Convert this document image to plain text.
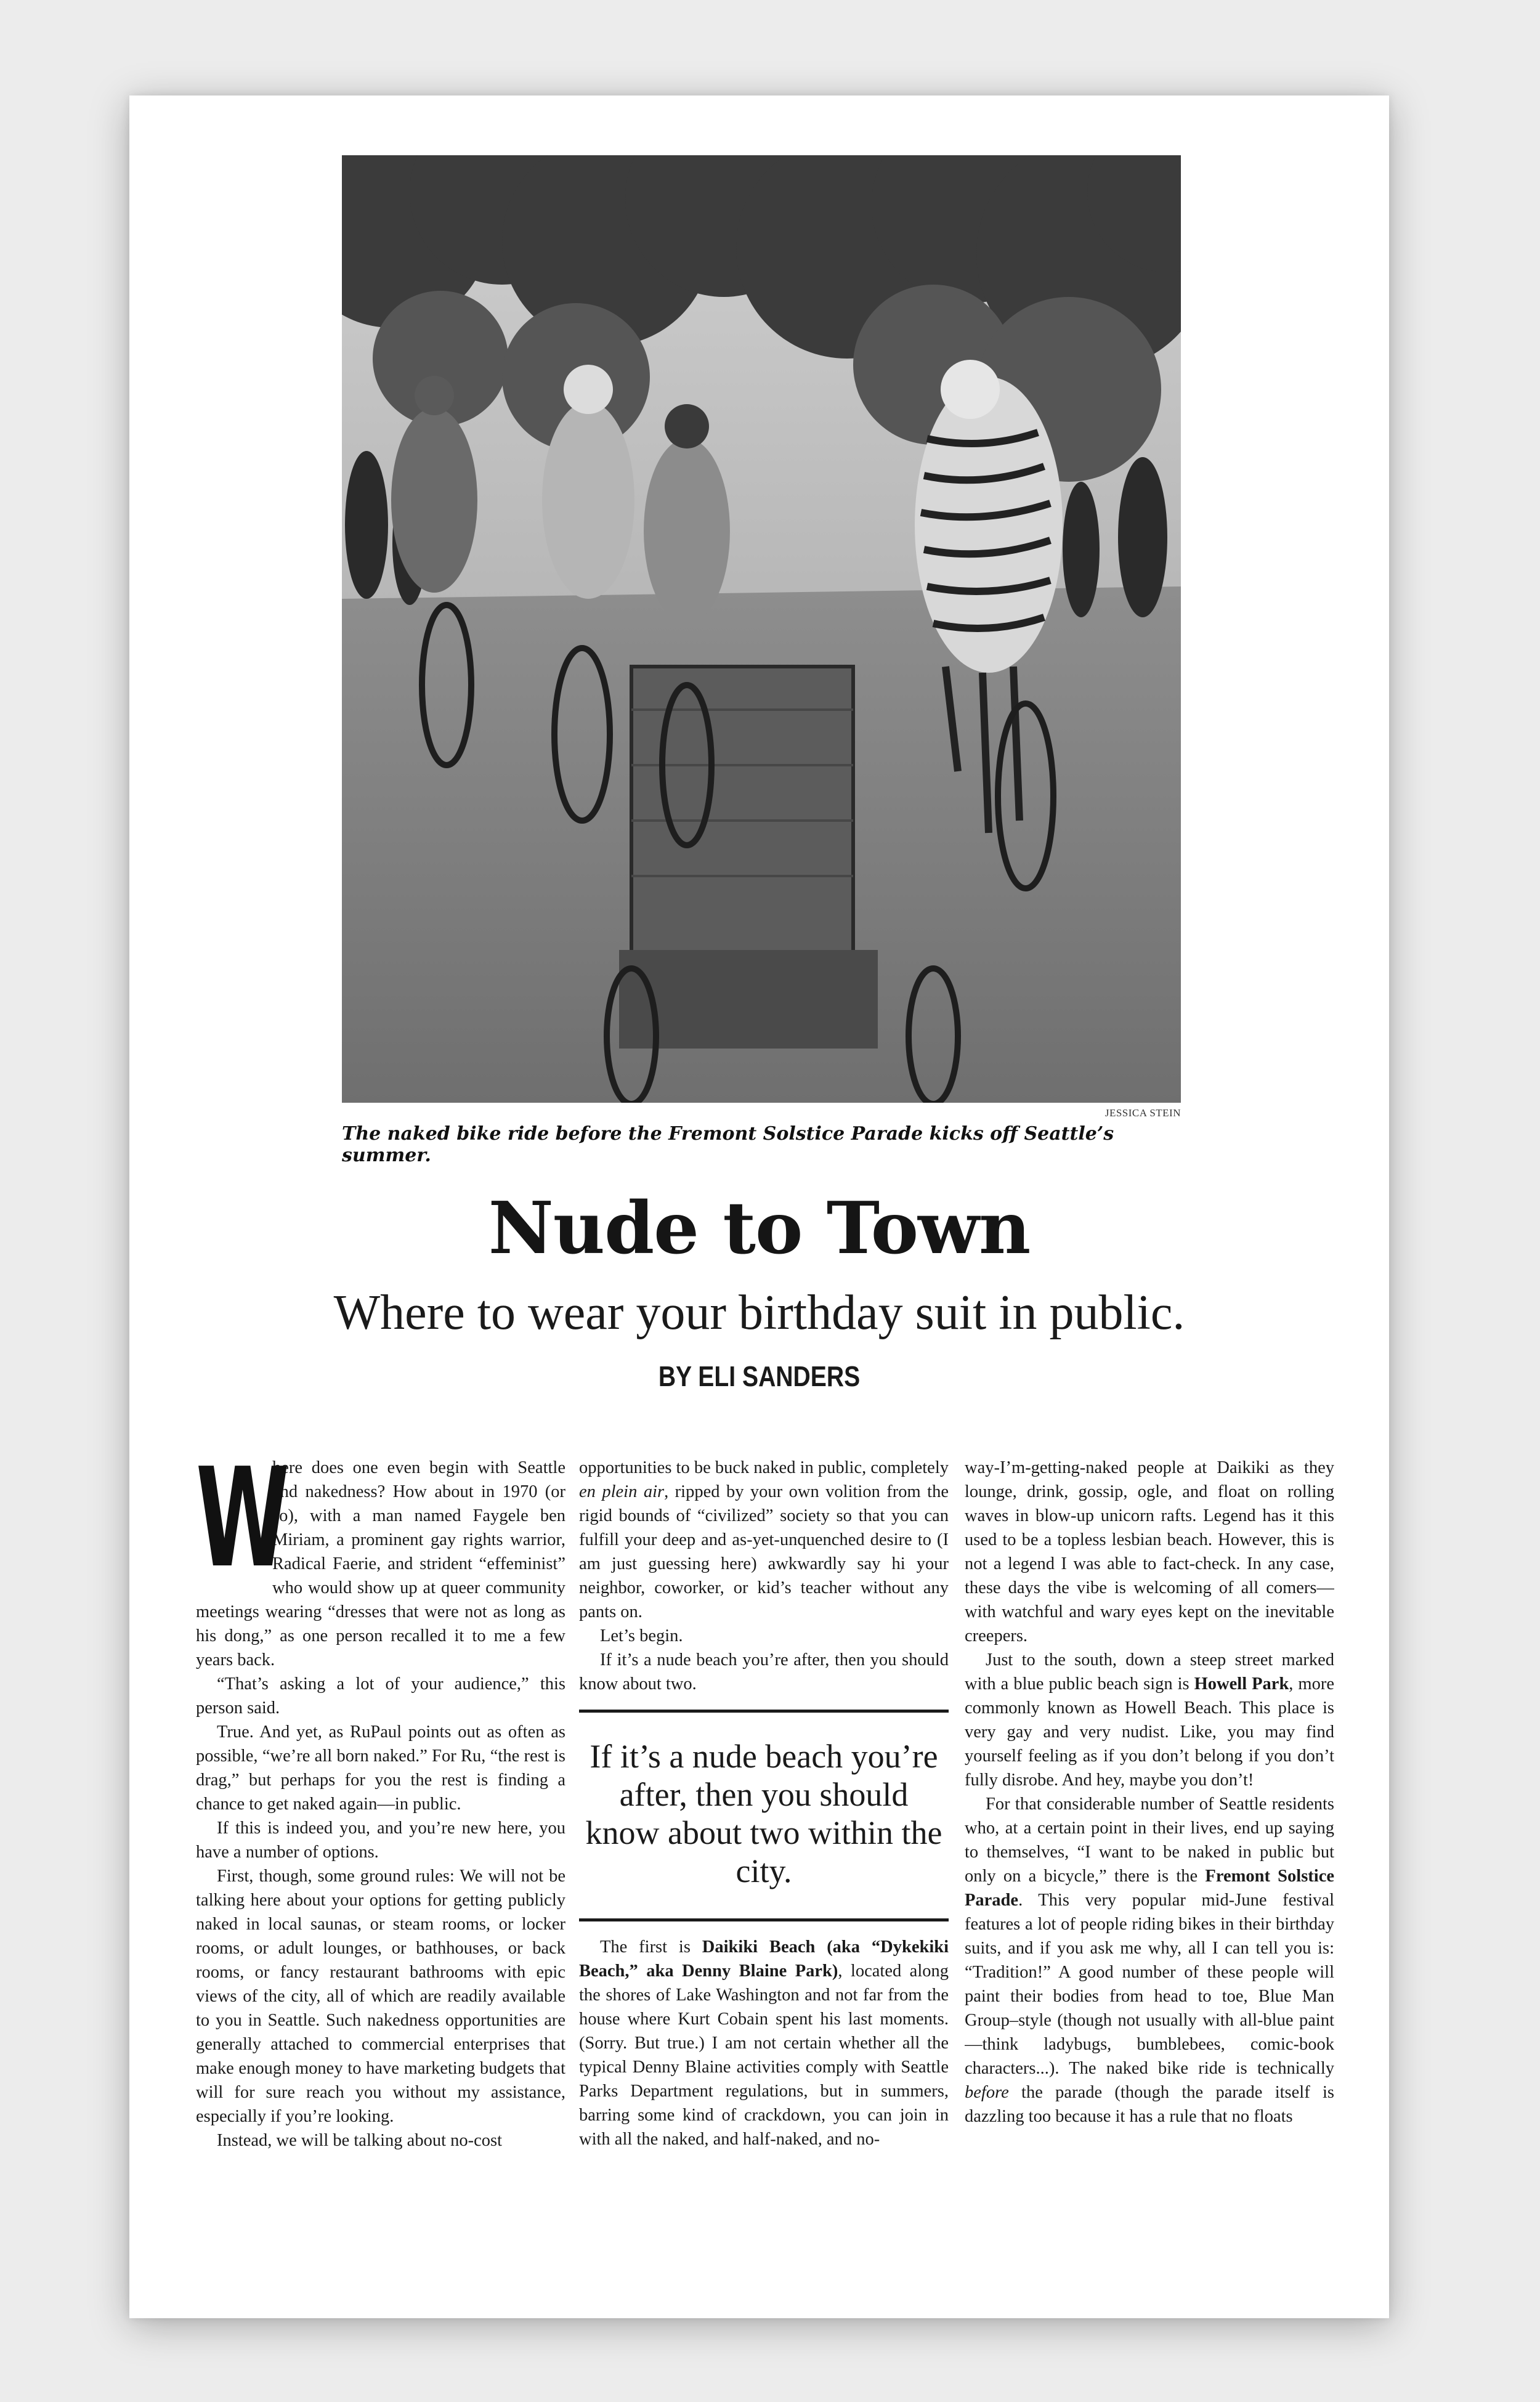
JESSICA STEIN
The naked bike ride before the Fremont Solstice Parade kicks off Seattle’s summer.
Nude to Town
Where to wear your birthday suit in public.
BY ELI SANDERS
W

here does one even begin with Seattle and nakedness? How about in 1970 (or so), with a man named Faygele ben Miriam, a prominent gay rights warrior, Radical Faerie, and strident “effeminist” who would show up at queer community meetings wearing “dresses that were not as long as his dong,” as one person recalled it to me a few years back.

“That’s asking a lot of your audience,” this person said.

True. And yet, as RuPaul points out as often as possible, “we’re all born naked.” For Ru, “the rest is drag,” but perhaps for you the rest is finding a chance to get naked again—in public.

If this is indeed you, and you’re new here, you have a number of options.

First, though, some ground rules: We will not be talking here about your options for getting publicly naked in local saunas, or steam rooms, or locker rooms, or adult lounges, or bathhouses, or back rooms, or fancy restaurant bathrooms with epic views of the city, all of which are readily available to you in Seattle. Such nakedness opportunities are generally attached to commercial enterprises that make enough money to have marketing budgets that will for sure reach you without my assistance, especially if you’re looking.

Instead, we will be talking about no-cost

opportunities to be buck naked in public, completely en plein air, ripped by your own volition from the rigid bounds of “civilized” society so that you can fulfill your deep and as-yet-unquenched desire to (I am just guessing here) awkwardly say hi your neighbor, coworker, or kid’s teacher without any pants on.

Let’s begin.

If it’s a nude beach you’re after, then you should know about two.

If it’s a nude beach you’re after, then you should know about two within the city.

The first is Daikiki Beach (aka “Dykekiki Beach,” aka Denny Blaine Park), located along the shores of Lake Washington and not far from the house where Kurt Cobain spent his last moments. (Sorry. But true.) I am not certain whether all the typical Denny Blaine activities comply with Seattle Parks Department regulations, but in summers, barring some kind of crackdown, you can join in with all the naked, and half-naked, and no-

way-I’m-getting-naked people at Daikiki as they lounge, drink, gossip, ogle, and float on rolling waves in blow-up unicorn rafts. Legend has it this used to be a topless lesbian beach. However, this is not a legend I was able to fact-check. In any case, these days the vibe is welcoming of all comers—with watchful and wary eyes kept on the inevitable creepers.

Just to the south, down a steep street marked with a blue public beach sign is Howell Park, more commonly known as Howell Beach. This place is very gay and very nudist. Like, you may find yourself feeling as if you don’t belong if you don’t fully disrobe. And hey, maybe you don’t!

For that considerable number of Seattle residents who, at a certain point in their lives, end up saying to themselves, “I want to be naked in public but only on a bicycle,” there is the Fremont Solstice Parade. This very popular mid-June festival features a lot of people riding bikes in their birthday suits, and if you ask me why, all I can tell you is: “Tradition!” A good number of these people will paint their bodies from head to toe, Blue Man Group–style (though not usually with all-blue paint—think ladybugs, bumblebees, comic-book characters...). The naked bike ride is technically before the parade (though the parade itself is dazzling too because it has a rule that no floats
